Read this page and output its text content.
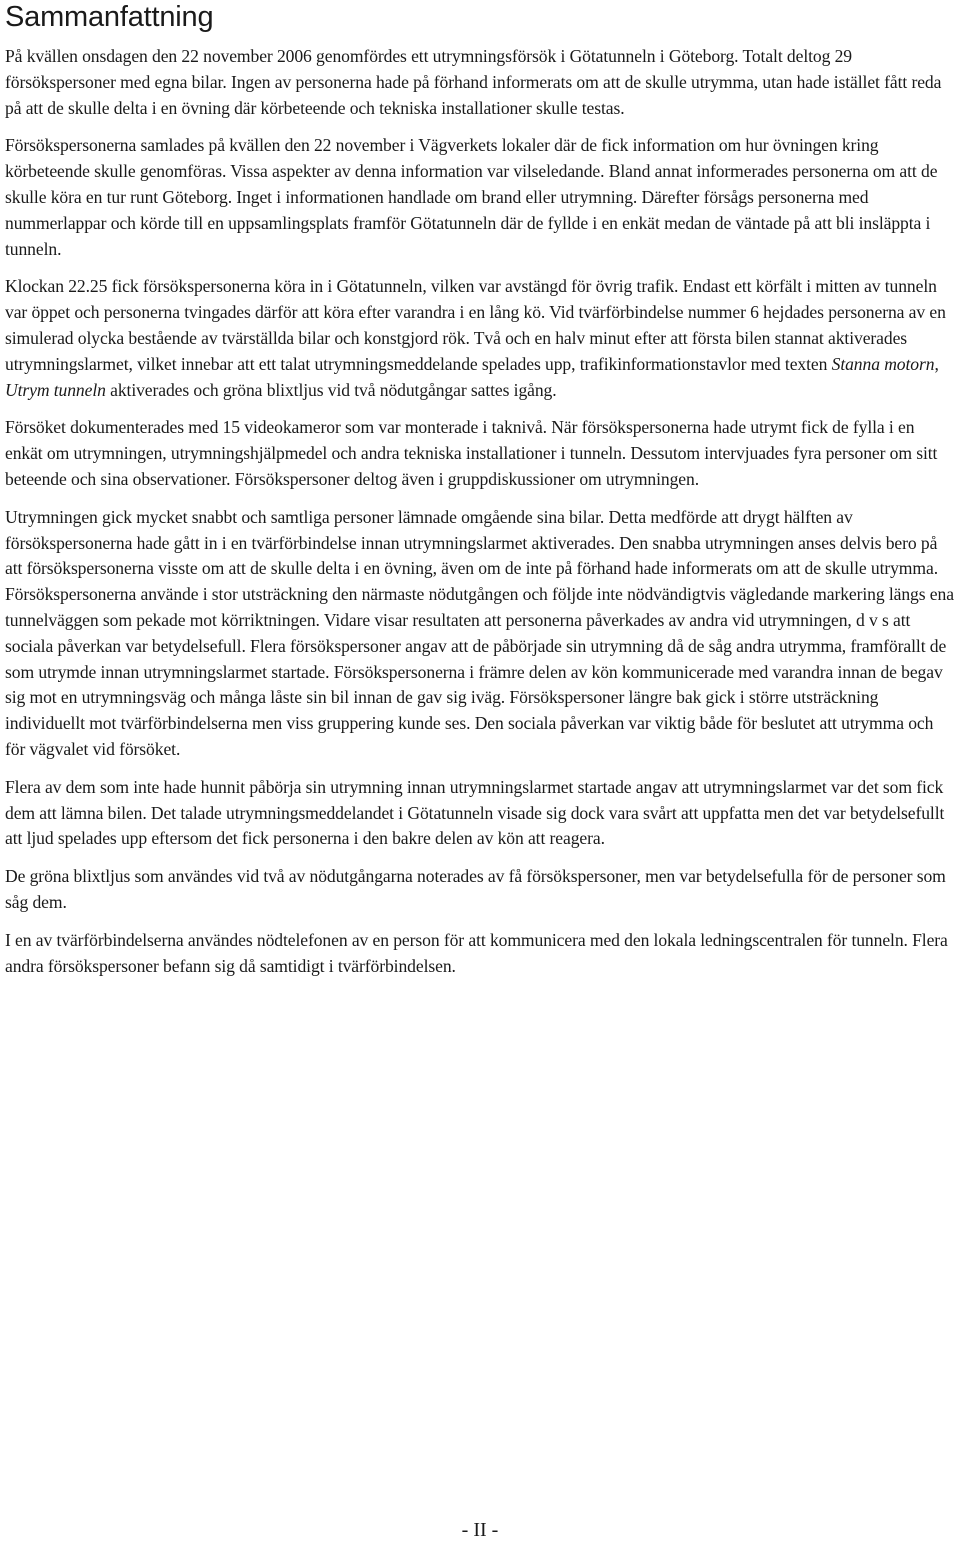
Sammanfattning

På kvällen onsdagen den 22 november 2006 genomfördes ett utrymningsförsök i Götatunneln i Göteborg. Totalt deltog 29 försökspersoner med egna bilar. Ingen av personerna hade på förhand informerats om att de skulle utrymma, utan hade istället fått reda på att de skulle delta i en övning där körbeteende och tekniska installationer skulle testas.

Försökspersonerna samlades på kvällen den 22 november i Vägverkets lokaler där de fick information om hur övningen kring körbeteende skulle genomföras. Vissa aspekter av denna information var vilseledande. Bland annat informerades personerna om att de skulle köra en tur runt Göteborg. Inget i informationen handlade om brand eller utrymning. Därefter försågs personerna med nummerlappar och körde till en uppsamlingsplats framför Götatunneln där de fyllde i en enkät medan de väntade på att bli insläppta i tunneln.

Klockan 22.25 fick försökspersonerna köra in i Götatunneln, vilken var avstängd för övrig trafik. Endast ett körfält i mitten av tunneln var öppet och personerna tvingades därför att köra efter varandra i en lång kö. Vid tvärförbindelse nummer 6 hejdades personerna av en simulerad olycka bestående av tvärställda bilar och konstgjord rök. Två och en halv minut efter att första bilen stannat aktiverades utrymningslarmet, vilket innebar att ett talat utrymningsmeddelande spelades upp, trafikinformationstavlor med texten Stanna motorn, Utrym tunneln aktiverades och gröna blixtljus vid två nödutgångar sattes igång.

Försöket dokumenterades med 15 videokameror som var monterade i taknivå. När försökspersonerna hade utrymt fick de fylla i en enkät om utrymningen, utrymningshjälpmedel och andra tekniska installationer i tunneln. Dessutom intervjuades fyra personer om sitt beteende och sina observationer. Försökspersoner deltog även i gruppdiskussioner om utrymningen.

Utrymningen gick mycket snabbt och samtliga personer lämnade omgående sina bilar. Detta medförde att drygt hälften av försökspersonerna hade gått in i en tvärförbindelse innan utrymningslarmet aktiverades. Den snabba utrymningen anses delvis bero på att försökspersonerna visste om att de skulle delta i en övning, även om de inte på förhand hade informerats om att de skulle utrymma. Försökspersonerna använde i stor utsträckning den närmaste nödutgången och följde inte nödvändigtvis vägledande markering längs ena tunnelväggen som pekade mot körriktningen. Vidare visar resultaten att personerna påverkades av andra vid utrymningen, d v s att sociala påverkan var betydelsefull. Flera försökspersoner angav att de påbörjade sin utrymning då de såg andra utrymma, framförallt de som utrymde innan utrymningslarmet startade. Försökspersonerna i främre delen av kön kommunicerade med varandra innan de begav sig mot en utrymningsväg och många låste sin bil innan de gav sig iväg. Försökspersoner längre bak gick i större utsträckning individuellt mot tvärförbindelserna men viss gruppering kunde ses. Den sociala påverkan var viktig både för beslutet att utrymma och för vägvalet vid försöket.

Flera av dem som inte hade hunnit påbörja sin utrymning innan utrymningslarmet startade angav att utrymningslarmet var det som fick dem att lämna bilen. Det talade utrymningsmeddelandet i Götatunneln visade sig dock vara svårt att uppfatta men det var betydelsefullt att ljud spelades upp eftersom det fick personerna i den bakre delen av kön att reagera.

De gröna blixtljus som användes vid två av nödutgångarna noterades av få försökspersoner, men var betydelsefulla för de personer som såg dem.

I en av tvärförbindelserna användes nödtelefonen av en person för att kommunicera med den lokala ledningscentralen för tunneln. Flera andra försökspersoner befann sig då samtidigt i tvärförbindelsen.

- II -
